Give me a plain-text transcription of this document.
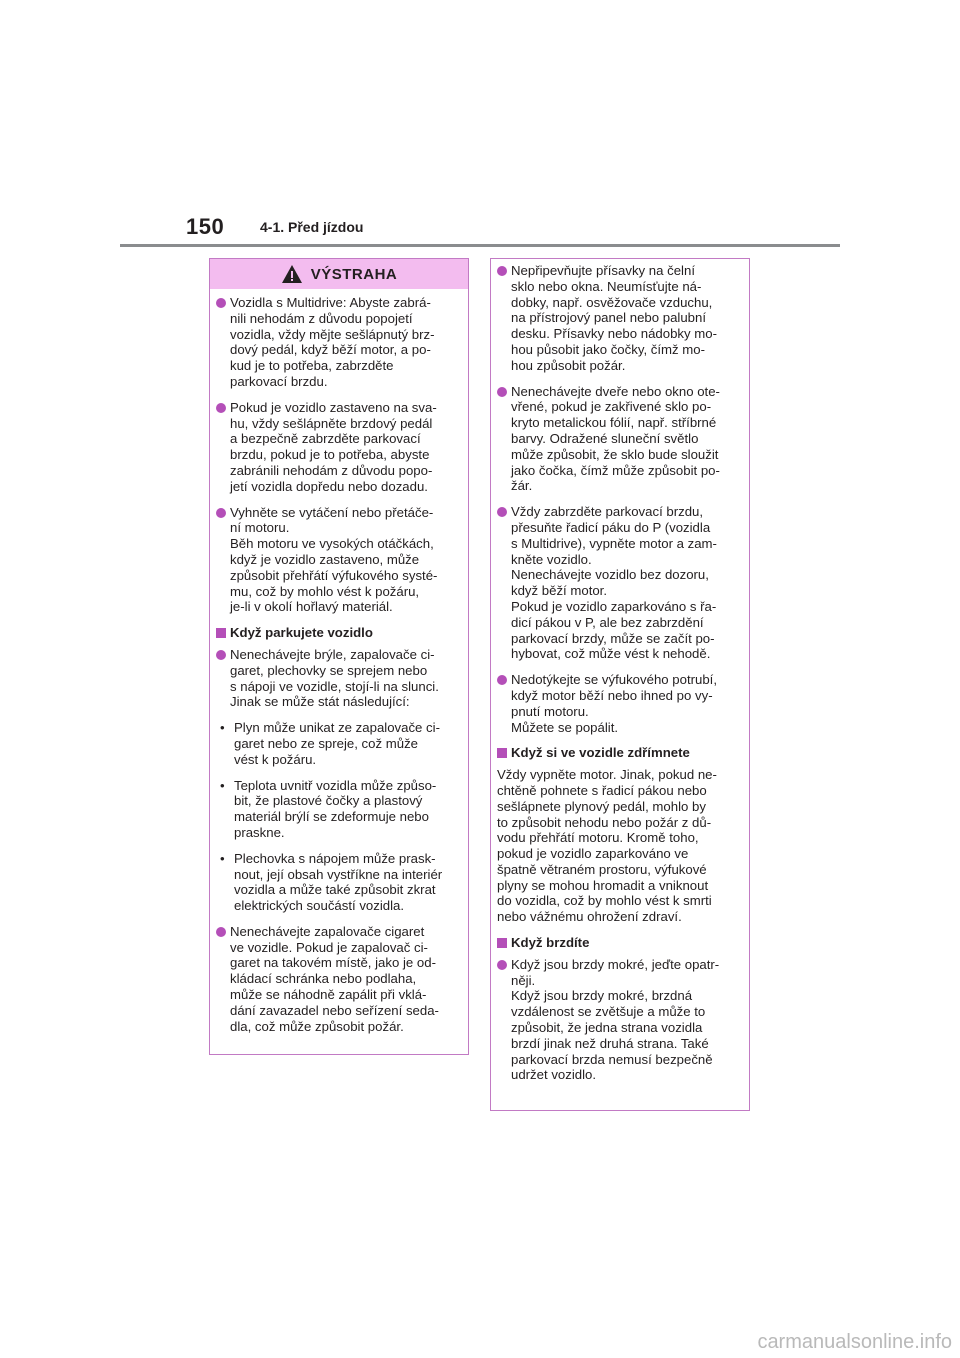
150	4-1. Před jízdou
VÝSTRAHA
Vozidla s Multidrive: Abyste zabrá-
nili nehodám z důvodu popojetí
vozidla, vždy mějte sešlápnutý brz-
dový pedál, když běží motor, a po-
kud je to potřeba, zabrzděte
parkovací brzdu.
Pokud je vozidlo zastaveno na sva-
hu, vždy sešlápněte brzdový pedál
a bezpečně zabrzděte parkovací
brzdu, pokud je to potřeba, abyste
zabránili nehodám z důvodu popo-
jetí vozidla dopředu nebo dozadu.
Vyhněte se vytáčení nebo přetáče-
ní motoru.
Běh motoru ve vysokých otáčkách,
když je vozidlo zastaveno, může
způsobit přehřátí výfukového systé-
mu, což by mohlo vést k požáru,
je-li v okolí hořlavý materiál.
Když parkujete vozidlo
Nenechávejte brýle, zapalovače ci-
garet, plechovky se sprejem nebo
s nápoji ve vozidle, stojí-li na slunci.
Jinak se může stát následující:
• Plyn může unikat ze zapalovače ci-
garet nebo ze spreje, což může
vést k požáru.
• Teplota uvnitř vozidla může způso-
bit, že plastové čočky a plastový
materiál brýlí se zdeformuje nebo
praskne.
• Plechovka s nápojem může prask-
nout, její obsah vystříkne na interiér
vozidla a může také způsobit zkrat
elektrických součástí vozidla.
Nenechávejte zapalovače cigaret
ve vozidle. Pokud je zapalovač ci-
garet na takovém místě, jako je od-
kládací schránka nebo podlaha,
může se náhodně zapálit při vklá-
dání zavazadel nebo seřízení seda-
dla, což může způsobit požár.
Nepřipevňujte přísavky na čelní
sklo nebo okna. Neumísťujte ná-
dobky, např. osvěžovače vzduchu,
na přístrojový panel nebo palubní
desku. Přísavky nebo nádobky mo-
hou působit jako čočky, čímž mo-
hou způsobit požár.
Nenechávejte dveře nebo okno ote-
vřené, pokud je zakřivené sklo po-
kryto metalickou fólií, např. stříbrné
barvy. Odražené sluneční světlo
může způsobit, že sklo bude sloužit
jako čočka, čímž může způsobit po-
žár.
Vždy zabrzděte parkovací brzdu,
přesuňte řadicí páku do P (vozidla
s Multidrive), vypněte motor a zam-
kněte vozidlo.
Nenechávejte vozidlo bez dozoru,
když běží motor.
Pokud je vozidlo zaparkováno s řa-
dicí pákou v P, ale bez zabrzdění
parkovací brzdy, může se začít po-
hybovat, což může vést k nehodě.
Nedotýkejte se výfukového potrubí,
když motor běží nebo ihned po vy-
pnutí motoru.
Můžete se popálit.
Když si ve vozidle zdřímnete
Vždy vypněte motor. Jinak, pokud ne-
chtěně pohnete s řadicí pákou nebo
sešlápnete plynový pedál, mohlo by
to způsobit nehodu nebo požár z dů-
vodu přehřátí motoru. Kromě toho,
pokud je vozidlo zaparkováno ve
špatně větraném prostoru, výfukové
plyny se mohou hromadit a vniknout
do vozidla, což by mohlo vést k smrti
nebo vážnému ohrožení zdraví.
Když brzdíte
Když jsou brzdy mokré, jeďte opatr-
něji.
Když jsou brzdy mokré, brzdná
vzdálenost se zvětšuje a může to
způsobit, že jedna strana vozidla
brzdí jinak než druhá strana. Také
parkovací brzda nemusí bezpečně
udržet vozidlo.
carmanualsonline.info
